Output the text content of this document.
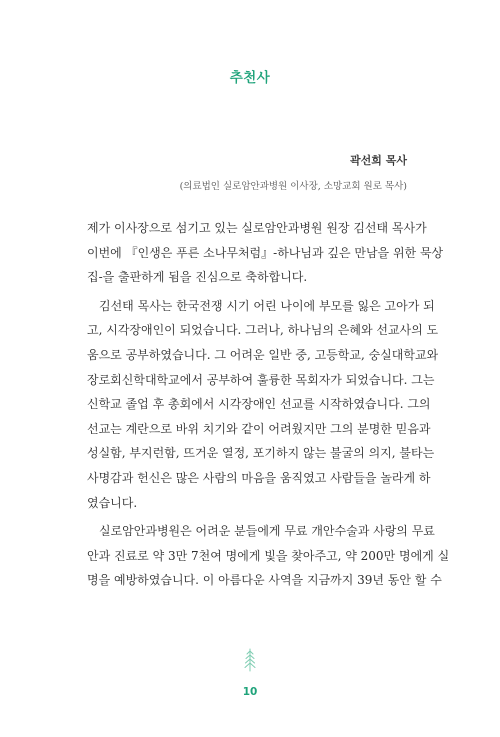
추천사
곽선희 목사
(의료법인 실로암안과병원 이사장, 소망교회 원로 목사)
제가 이사장으로 섬기고 있는 실로암안과병원 원장 김선태 목사가
이번에 『인생은 푸른 소나무처럼』-하나님과 깊은 만남을 위한 묵상
집-을 출판하게 됨을 진심으로 축하합니다.
김선태 목사는 한국전쟁 시기 어린 나이에 부모를 잃은 고아가 되
고, 시각장애인이 되었습니다. 그러나, 하나님의 은혜와 선교사의 도
움으로 공부하였습니다. 그 어려운 일반 중, 고등학교, 숭실대학교와
장로회신학대학교에서 공부하여 훌륭한 목회자가 되었습니다. 그는
신학교 졸업 후 총회에서 시각장애인 선교를 시작하였습니다. 그의
선교는 계란으로 바위 치기와 같이 어려웠지만 그의 분명한 믿음과
성실함, 부지런함, 뜨거운 열정, 포기하지 않는 불굴의 의지, 불타는
사명감과 헌신은 많은 사람의 마음을 움직였고 사람들을 놀라게 하
였습니다.
실로암안과병원은 어려운 분들에게 무료 개안수술과 사랑의 무료
안과 진료로 약 3만 7천여 명에게 빛을 찾아주고, 약 200만 명에게 실
명을 예방하였습니다. 이 아름다운 사역을 지금까지 39년 동안 할 수
10
